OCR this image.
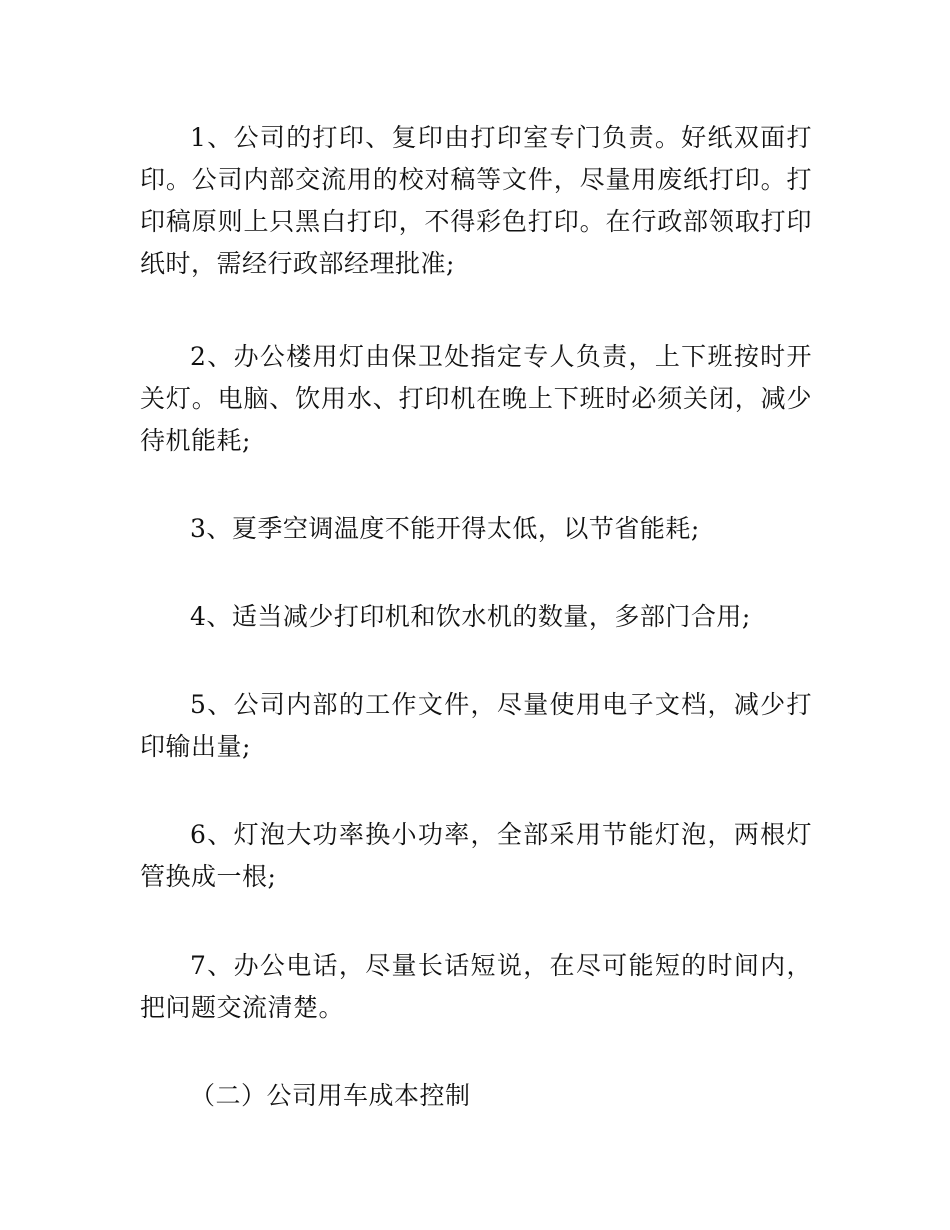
1、公司的打印、复印由打印室专门负责。好纸双面打印。公司内部交流用的校对稿等文件，尽量用废纸打印。打印稿原则上只黑白打印，不得彩色打印。在行政部领取打印纸时，需经行政部经理批准;

2、办公楼用灯由保卫处指定专人负责，上下班按时开关灯。电脑、饮用水、打印机在晚上下班时必须关闭，减少待机能耗;

3、夏季空调温度不能开得太低，以节省能耗;

4、适当减少打印机和饮水机的数量，多部门合用;

5、公司内部的工作文件，尽量使用电子文档，减少打印输出量;

6、灯泡大功率换小功率，全部采用节能灯泡，两根灯管换成一根;

7、办公电话，尽量长话短说，在尽可能短的时间内，把问题交流清楚。

（二）公司用车成本控制
